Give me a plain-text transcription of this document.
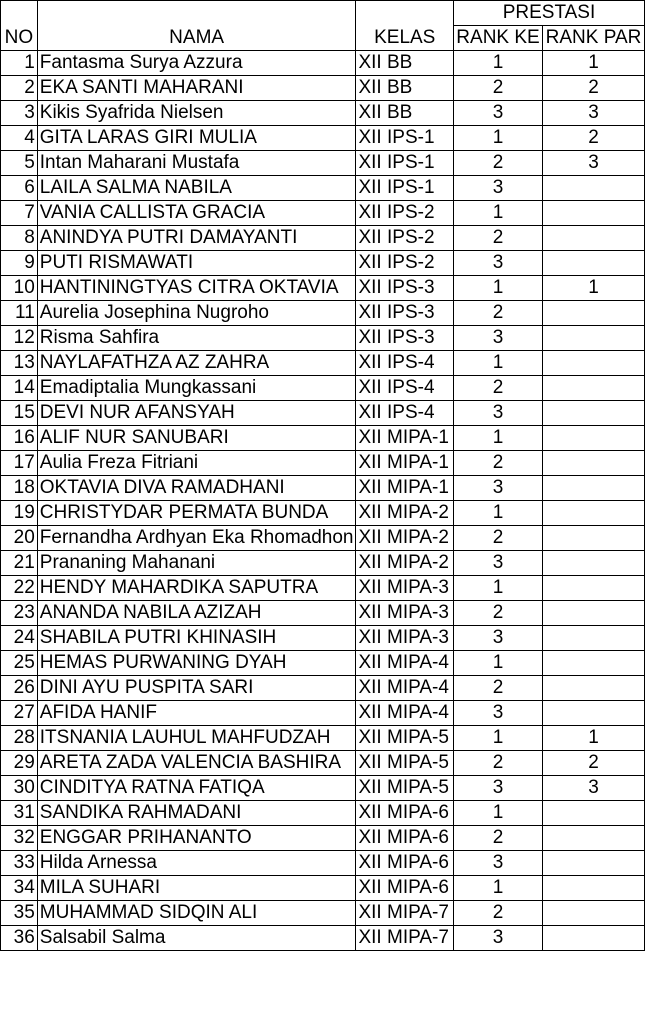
			PRESTASI	
NO	NAMA	KELAS	RANK KE	RANK PAR
1	Fantasma Surya Azzura	XII BB	1	1
2	EKA SANTI MAHARANI	XII BB	2	2
3	Kikis Syafrida Nielsen	XII BB	3	3
4	GITA LARAS GIRI MULIA	XII IPS-1	1	2
5	Intan Maharani Mustafa	XII IPS-1	2	3
6	LAILA SALMA NABILA	XII IPS-1	3	
7	VANIA CALLISTA GRACIA	XII IPS-2	1	
8	ANINDYA PUTRI DAMAYANTI	XII IPS-2	2	
9	PUTI RISMAWATI	XII IPS-2	3	
10	HANTININGTYAS CITRA OKTAVIA	XII IPS-3	1	1
11	Aurelia Josephina Nugroho	XII IPS-3	2	
12	Risma Sahfira	XII IPS-3	3	
13	NAYLAFATHZA AZ ZAHRA	XII IPS-4	1	
14	Emadiptalia Mungkassani	XII IPS-4	2	
15	DEVI NUR AFANSYAH	XII IPS-4	3	
16	ALIF NUR SANUBARI	XII MIPA-1	1	
17	Aulia Freza Fitriani	XII MIPA-1	2	
18	OKTAVIA DIVA RAMADHANI	XII MIPA-1	3	
19	CHRISTYDAR PERMATA BUNDA	XII MIPA-2	1	
20	Fernandha Ardhyan Eka Rhomadhon	XII MIPA-2	2	
21	Prananing Mahanani	XII MIPA-2	3	
22	HENDY MAHARDIKA SAPUTRA	XII MIPA-3	1	
23	ANANDA NABILA AZIZAH	XII MIPA-3	2	
24	SHABILA PUTRI KHINASIH	XII MIPA-3	3	
25	HEMAS PURWANING DYAH	XII MIPA-4	1	
26	DINI AYU PUSPITA SARI	XII MIPA-4	2	
27	AFIDA HANIF	XII MIPA-4	3	
28	ITSNANIA LAUHUL MAHFUDZAH	XII MIPA-5	1	1
29	ARETA ZADA VALENCIA BASHIRA	XII MIPA-5	2	2
30	CINDITYA RATNA FATIQA	XII MIPA-5	3	3
31	SANDIKA RAHMADANI	XII MIPA-6	1	
32	ENGGAR PRIHANANTO	XII MIPA-6	2	
33	Hilda Arnessa	XII MIPA-6	3	
34	MILA SUHARI	XII MIPA-6	1	
35	MUHAMMAD SIDQIN ALI	XII MIPA-7	2	
36	Salsabil Salma	XII MIPA-7	3	
